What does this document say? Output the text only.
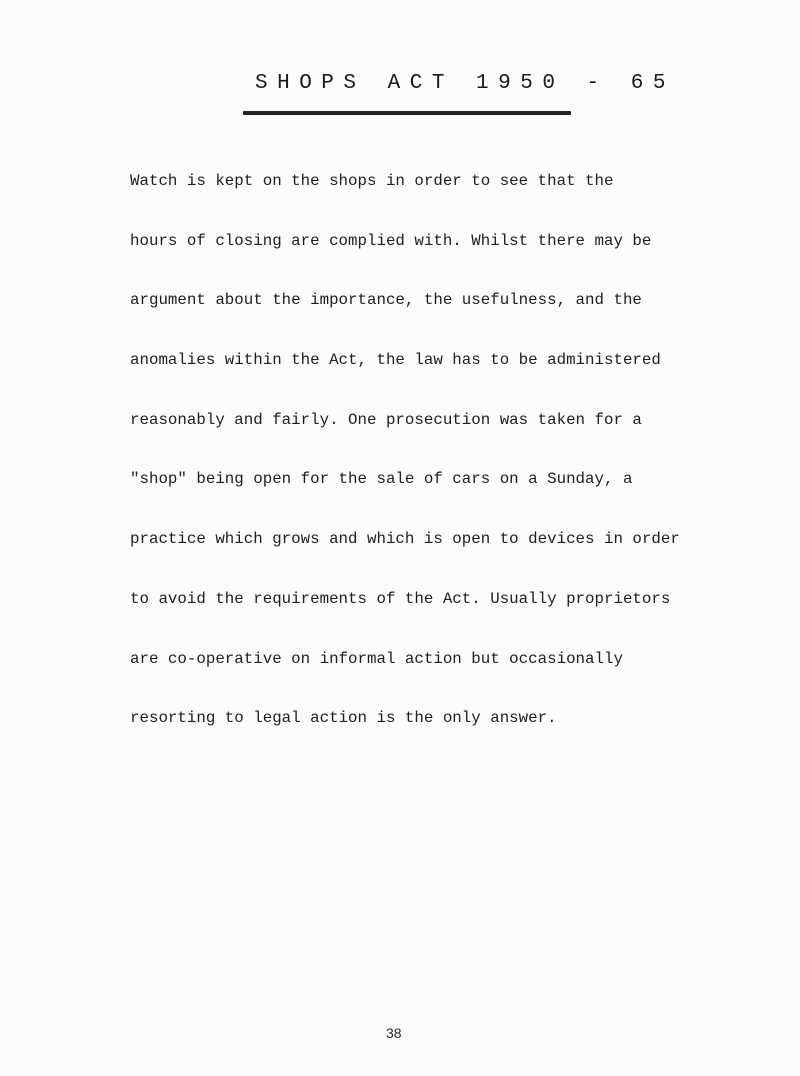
SHOPS ACT 1950 - 65

Watch is kept on the shops in order to see that the

hours of closing are complied with. Whilst there may be

argument about the importance, the usefulness, and the

anomalies within the Act, the law has to be administered

reasonably and fairly. One prosecution was taken for a

"shop" being open for the sale of cars on a Sunday, a

practice which grows and which is open to devices in order

to avoid the requirements of the Act. Usually proprietors

are co-operative on informal action but occasionally

resorting to legal action is the only answer.

38
